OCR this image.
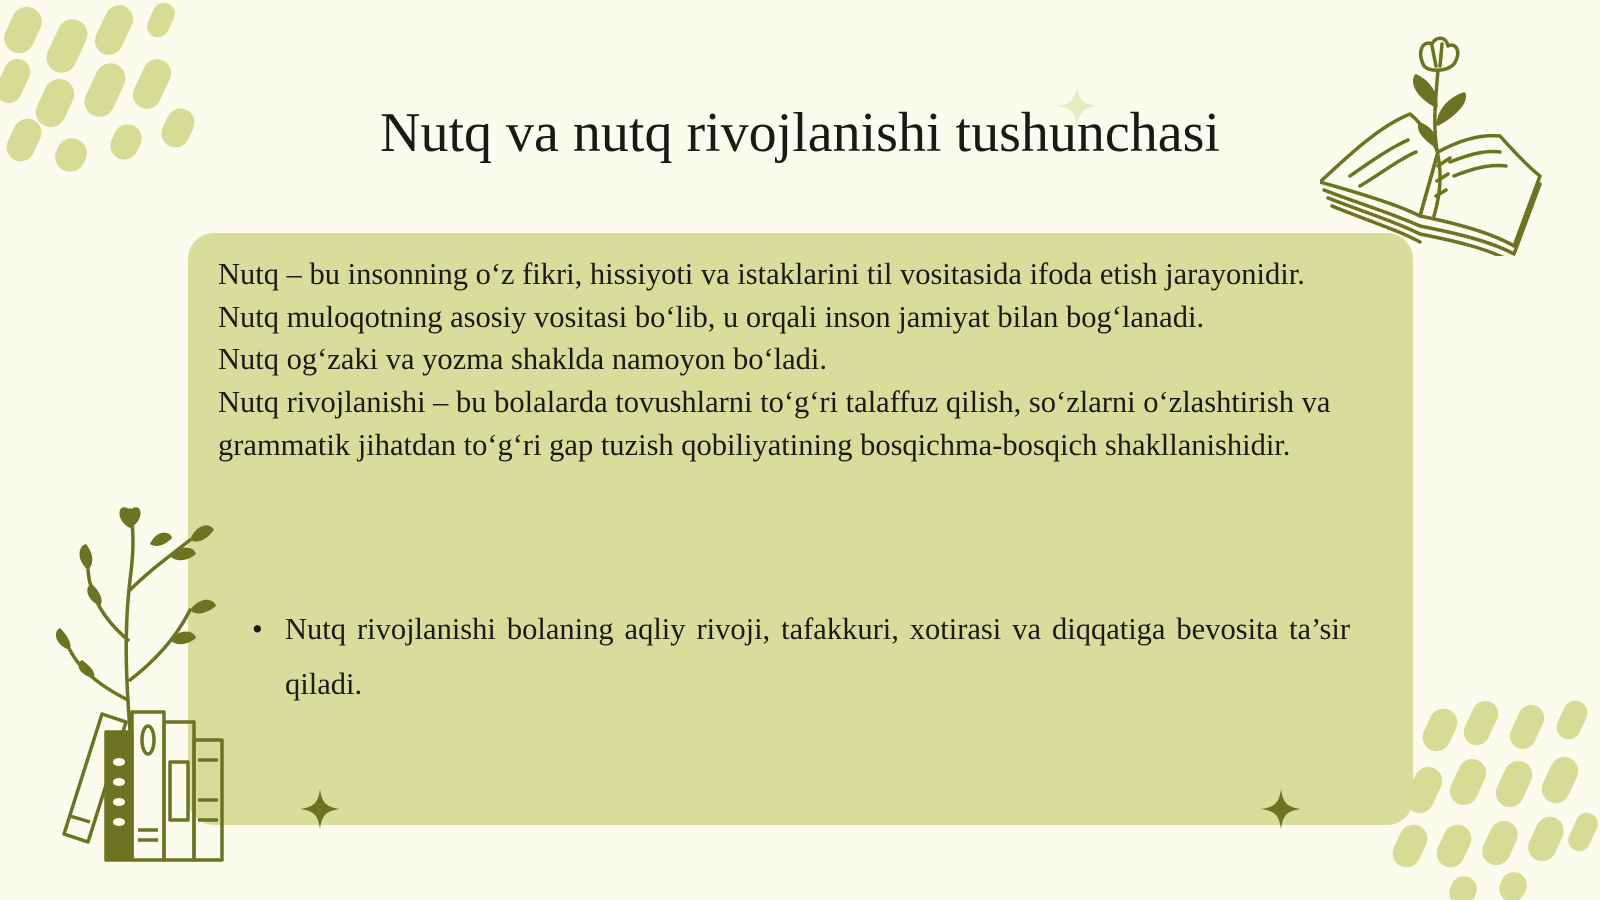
Nutq va nutq rivojlanishi tushunchasi

Nutq – bu insonning o‘z fikri, hissiyoti va istaklarini til vositasida ifoda etish jarayonidir.

Nutq muloqotning asosiy vositasi bo‘lib, u orqali inson jamiyat bilan bog‘lanadi.

Nutq og‘zaki va yozma shaklda namoyon bo‘ladi.

Nutq rivojlanishi – bu bolalarda tovushlarni to‘g‘ri talaffuz qilish, so‘zlarni o‘zlashtirish va grammatik jihatdan to‘g‘ri gap tuzish qobiliyatining bosqichma-bosqich shakllanishidir.

• Nutq rivojlanishi bolaning aqliy rivoji, tafakkuri, xotirasi va diqqatiga bevosita ta’sir qiladi.
